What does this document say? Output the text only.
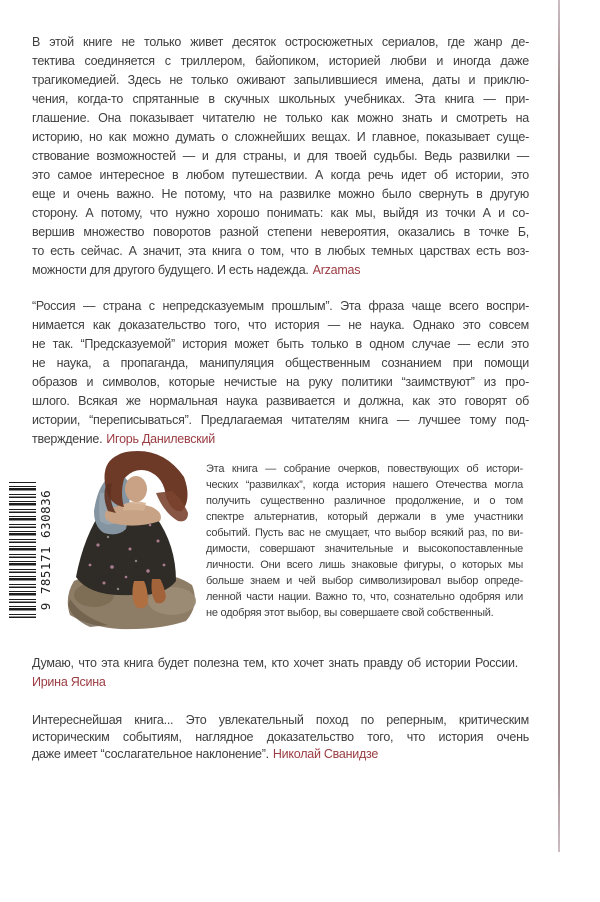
В этой книге не только живет десяток остросюжетных сериалов, где жанр де-
тектива соединяется с триллером, байопиком, историей любви и иногда даже
трагикомедией. Здесь не только оживают запылившиеся имена, даты и приклю-
чения, когда-то спрятанные в скучных школьных учебниках. Эта книга — при-
глашение. Она показывает читателю не только как можно знать и смотреть на
историю, но как можно думать о сложнейших вещах. И главное, показывает суще-
ствование возможностей — и для страны, и для твоей судьбы. Ведь развилки —
это самое интересное в любом путешествии. А когда речь идет об истории, это
еще и очень важно. Не потому, что на развилке можно было свернуть в другую
сторону. А потому, что нужно хорошо понимать: как мы, выйдя из точки А и со-
вершив множество поворотов разной степени невероятия, оказались в точке Б,
то есть сейчас. А значит, эта книга о том, что в любых темных царствах есть воз-
можности для другого будущего. И есть надежда. Arzamas
“Россия — страна с непредсказуемым прошлым”. Эта фраза чаще всего воспри-
нимается как доказательство того, что история — не наука. Однако это совсем
не так. “Предсказуемой” история может быть только в одном случае — если это
не наука, а пропаганда, манипуляция общественным сознанием при помощи
образов и символов, которые нечистые на руку политики “заимствуют” из про-
шлого. Всякая же нормальная наука развивается и должна, как это говорят об
истории, “переписываться”. Предлагаемая читателям книга — лучшее тому под-
тверждение. Игорь Данилевский
9 785171 630836
Эта книга — собрание очерков, повествующих об истори-
ческих “развилках”, когда история нашего Отечества могла
получить существенно различное продолжение, и о том
спектре альтернатив, который держали в уме участники
событий. Пусть вас не смущает, что выбор всякий раз, по ви-
димости, совершают значительные и высокопоставленные
личности. Они всего лишь знаковые фигуры, о которых мы
больше знаем и чей выбор символизировал выбор опреде-
ленной части нации. Важно то, что, сознательно одобряя или
не одобряя этот выбор, вы совершаете свой собственный.
Думаю, что эта книга будет полезна тем, кто хочет знать правду об истории России.
Ирина Ясина
Интереснейшая книга... Это увлекательный поход по реперным, критическим
историческим событиям, наглядное доказательство того, что история очень
даже имеет “сослагательное наклонение”. Николай Сванидзе
